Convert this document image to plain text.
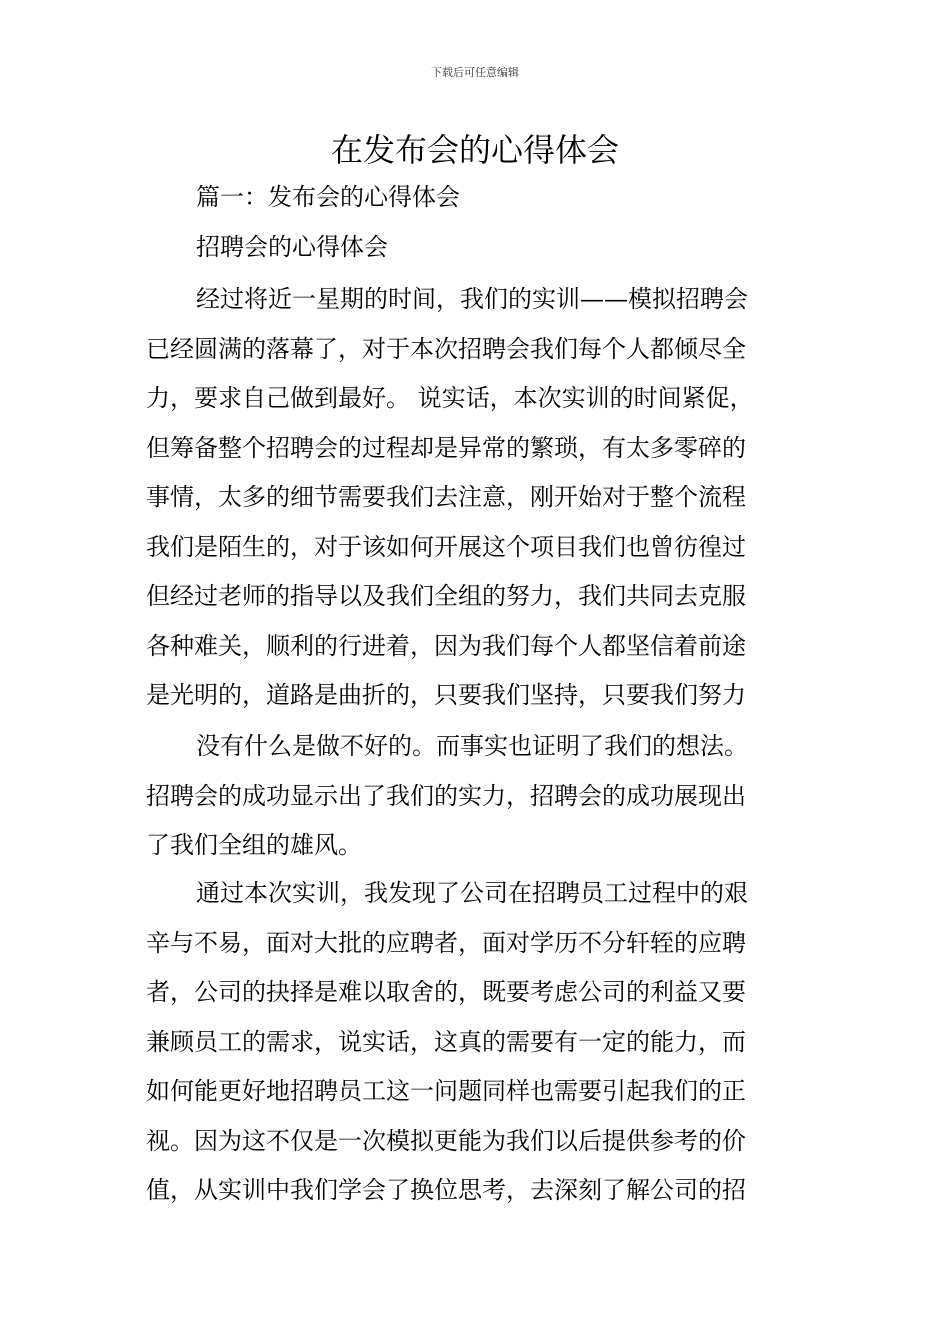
下载后可任意编辑
在发布会的心得体会

篇一：发布会的心得体会

招聘会的心得体会

经过将近一星期的时间，我们的实训——模拟招聘会
已经圆满的落幕了，对于本次招聘会我们每个人都倾尽全
力，要求自己做到最好。 说实话，本次实训的时间紧促，
但筹备整个招聘会的过程却是异常的繁琐，有太多零碎的
事情，太多的细节需要我们去注意，刚开始对于整个流程
我们是陌生的，对于该如何开展这个项目我们也曾彷徨过
但经过老师的指导以及我们全组的努力，我们共同去克服
各种难关，顺利的行进着，因为我们每个人都坚信着前途
是光明的，道路是曲折的，只要我们坚持，只要我们努力
没有什么是做不好的。而事实也证明了我们的想法。
招聘会的成功显示出了我们的实力，招聘会的成功展现出
了我们全组的雄风。
通过本次实训，我发现了公司在招聘员工过程中的艰
辛与不易，面对大批的应聘者，面对学历不分轩轾的应聘
者，公司的抉择是难以取舍的，既要考虑公司的利益又要
兼顾员工的需求，说实话，这真的需要有一定的能力，而
如何能更好地招聘员工这一问题同样也需要引起我们的正
视。因为这不仅是一次模拟更能为我们以后提供参考的价
值，从实训中我们学会了换位思考，去深刻了解公司的招
